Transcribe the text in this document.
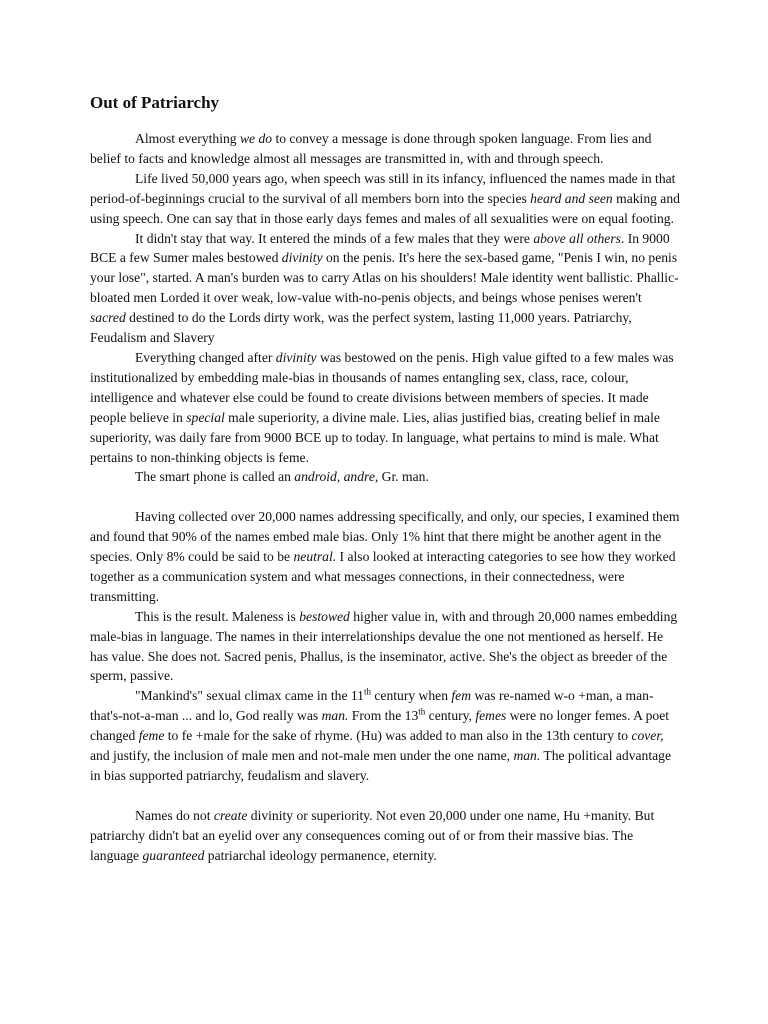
Out of Patriarchy

Almost everything we do to convey a message is done through spoken language. From lies and belief to facts and knowledge almost all messages are transmitted in, with and through speech.

Life lived 50,000 years ago, when speech was still in its infancy, influenced the names made in that period-of-beginnings crucial to the survival of all members born into the species heard and seen making and using speech. One can say that in those early days femes and males of all sexualities were on equal footing.

It didn't stay that way. It entered the minds of a few males that they were above all others. In 9000 BCE a few Sumer males bestowed divinity on the penis. It's here the sex-based game, "Penis I win, no penis your lose", started. A man's burden was to carry Atlas on his shoulders! Male identity went ballistic. Phallic-bloated men Lorded it over weak, low-value with-no-penis objects, and beings whose penises weren't sacred destined to do the Lords dirty work, was the perfect system, lasting 11,000 years. Patriarchy, Feudalism and Slavery

Everything changed after divinity was bestowed on the penis. High value gifted to a few males was institutionalized by embedding male-bias in thousands of names entangling sex, class, race, colour, intelligence and whatever else could be found to create divisions between members of species. It made people believe in special male superiority, a divine male. Lies, alias justified bias, creating belief in male superiority, was daily fare from 9000 BCE up to today. In language, what pertains to mind is male. What pertains to non-thinking objects is feme.

The smart phone is called an android, andre, Gr. man.

Having collected over 20,000 names addressing specifically, and only, our species, I examined them and found that 90% of the names embed male bias. Only 1% hint that there might be another agent in the species. Only 8% could be said to be neutral. I also looked at interacting categories to see how they worked together as a communication system and what messages connections, in their connectedness, were transmitting.

This is the result. Maleness is bestowed higher value in, with and through 20,000 names embedding male-bias in language. The names in their interrelationships devalue the one not mentioned as herself. He has value. She does not. Sacred penis, Phallus, is the inseminator, active. She's the object as breeder of the sperm, passive.

"Mankind's" sexual climax came in the 11th century when fem was re-named w-o +man, a man-that's-not-a-man ... and lo, God really was man. From the 13th century, femes were no longer femes. A poet changed feme to fe +male for the sake of rhyme. (Hu) was added to man also in the 13th century to cover, and justify, the inclusion of male men and not-male men under the one name, man. The political advantage in bias supported patriarchy, feudalism and slavery.

Names do not create divinity or superiority. Not even 20,000 under one name, Hu +manity. But patriarchy didn't bat an eyelid over any consequences coming out of or from their massive bias. The language guaranteed patriarchal ideology permanence, eternity.
